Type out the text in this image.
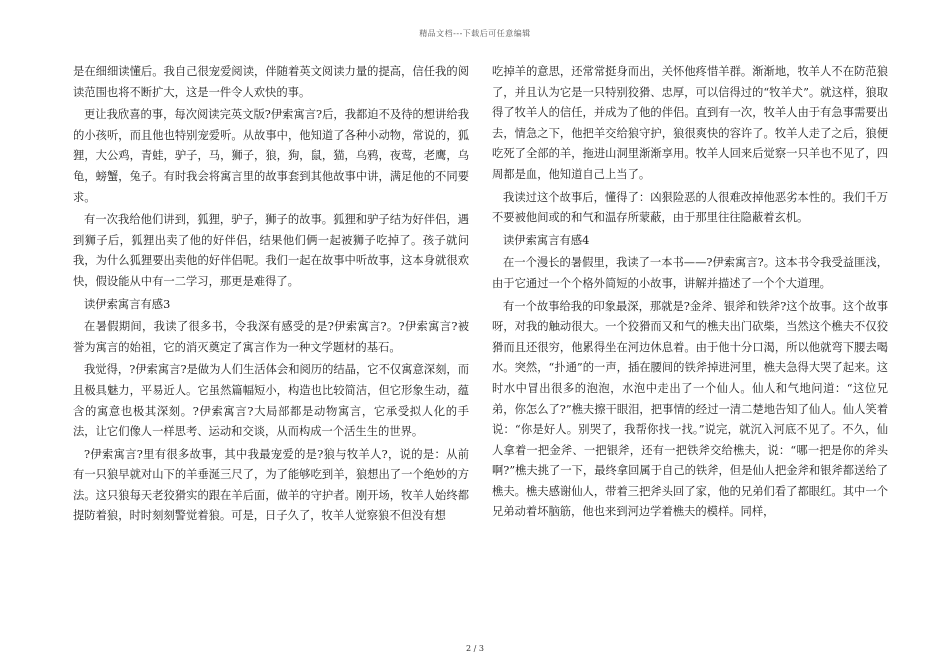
精品文档---下载后可任意编辑

是在细细读懂后。我自己很宠爱阅读，伴随着英文阅读力量的提高，信任我的阅读范围也将不断扩大，这是一件令人欢快的事。

更让我欣喜的事，每次阅读完英文版?伊索寓言?后，我都迫不及待的想讲给我的小孩听，而且他也特别宠爱听。从故事中，他知道了各种小动物，常说的，狐狸，大公鸡，青蛙，驴子，马，狮子，狼，狗，鼠，猫，乌鸦，夜莺，老鹰，乌龟，螃蟹，兔子。有时我会将寓言里的故事套到其他故事中讲，满足他的不同要求。

有一次我给他们讲到，狐狸，驴子，狮子的故事。狐狸和驴子结为好伴侣，遇到狮子后，狐狸出卖了他的好伴侣，结果他们俩一起被狮子吃掉了。孩子就问我，为什么狐狸要出卖他的好伴侣呢。我们一起在故事中听故事，这本身就很欢快，假设能从中有一二学习，那更是难得了。

读伊索寓言有感3

在暑假期间，我读了很多书，令我深有感受的是?伊索寓言?。?伊索寓言?被誉为寓言的始祖，它的消灭奠定了寓言作为一种文学题材的基石。

我觉得，?伊索寓言?是做为人们生活体会和阅历的结晶，它不仅寓意深刻，而且极具魅力，平易近人。它虽然篇幅短小，构造也比较简洁，但它形象生动，蕴含的寓意也极其深刻。?伊索寓言?大局部都是动物寓言，它承受拟人化的手法，让它们像人一样思考、运动和交谈，从而构成一个活生生的世界。

?伊索寓言?里有很多故事，其中我最宠爱的是?狼与牧羊人?，说的是：从前有一只狼早就对山下的羊垂涎三尺了，为了能够吃到羊，狼想出了一个绝妙的方法。这只狼每天老狡猾实的跟在羊后面，做羊的守护者。刚开场，牧羊人始终都提防着狼，时时刻刻警觉着狼。可是，日子久了，牧羊人觉察狼不但没有想

吃掉羊的意思，还常常挺身而出，关怀他疼惜羊群。渐渐地，牧羊人不在防范狼了，并且认为它是一只特别狡猾、忠厚，可以信得过的“牧羊犬”。就这样，狼取得了牧羊人的信任，并成为了他的伴侣。直到有一次，牧羊人由于有急事需要出去，情急之下，他把羊交给狼守护，狼很爽快的容许了。牧羊人走了之后，狼便吃死了全部的羊，拖进山洞里渐渐享用。牧羊人回来后觉察一只羊也不见了，四周都是血，他知道自己上当了。

我读过这个故事后，懂得了：凶狠险恶的人很难改掉他恶劣本性的。我们千万不要被他间或的和气和温存所蒙蔽，由于那里往往隐蔽着玄机。

读伊索寓言有感4

在一个漫长的暑假里，我读了一本书——?伊索寓言?。这本书令我受益匪浅，由于它通过一个个格外简短的小故事，讲解并描述了一个个大道理。

有一个故事给我的印象最深，那就是?金斧、银斧和铁斧?这个故事。这个故事呀，对我的触动很大。一个狡猾而又和气的樵夫出门砍柴，当然这个樵夫不仅狡猾而且还很穷，他累得坐在河边休息着。由于他十分口渴，所以他就弯下腰去喝水。突然，“扑通”的一声，插在腰间的铁斧掉进河里，樵夫急得大哭了起来。这时水中冒出很多的泡泡，水泡中走出了一个仙人。仙人和气地问道：“这位兄弟，你怎么了?”樵夫擦干眼泪，把事情的经过一清二楚地告知了仙人。仙人笑着说：“你是好人。别哭了，我帮你找一找。”说完，就沉入河底不见了。不久，仙人拿着一把金斧、一把银斧，还有一把铁斧交给樵夫，说：“哪一把是你的斧头啊?”樵夫挑了一下，最终拿回属于自己的铁斧，但是仙人把金斧和银斧都送给了樵夫。樵夫感谢仙人，带着三把斧头回了家，他的兄弟们看了都眼红。其中一个兄弟动着坏脑筋，他也来到河边学着樵夫的模样。同样，

2 / 3
